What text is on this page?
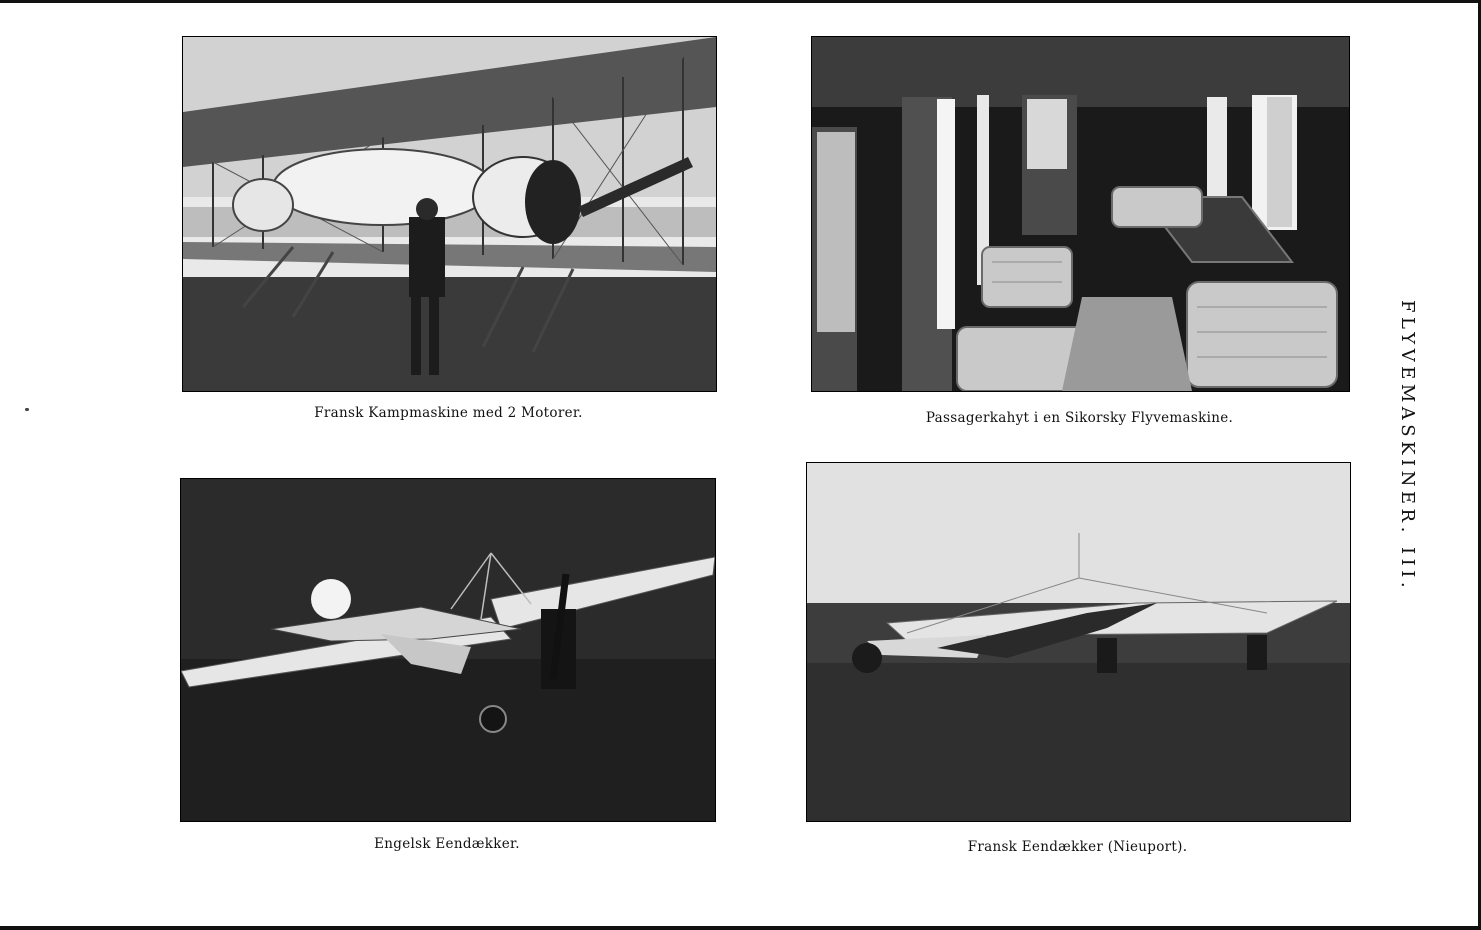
Fransk Kampmaskine med 2 Motorer.	Passagerkahyt i en Sikorsky Flyvemaskine.
Engelsk Eendækker.	Fransk Eendækker (Nieuport).
FLYVEMASKINER. III.
